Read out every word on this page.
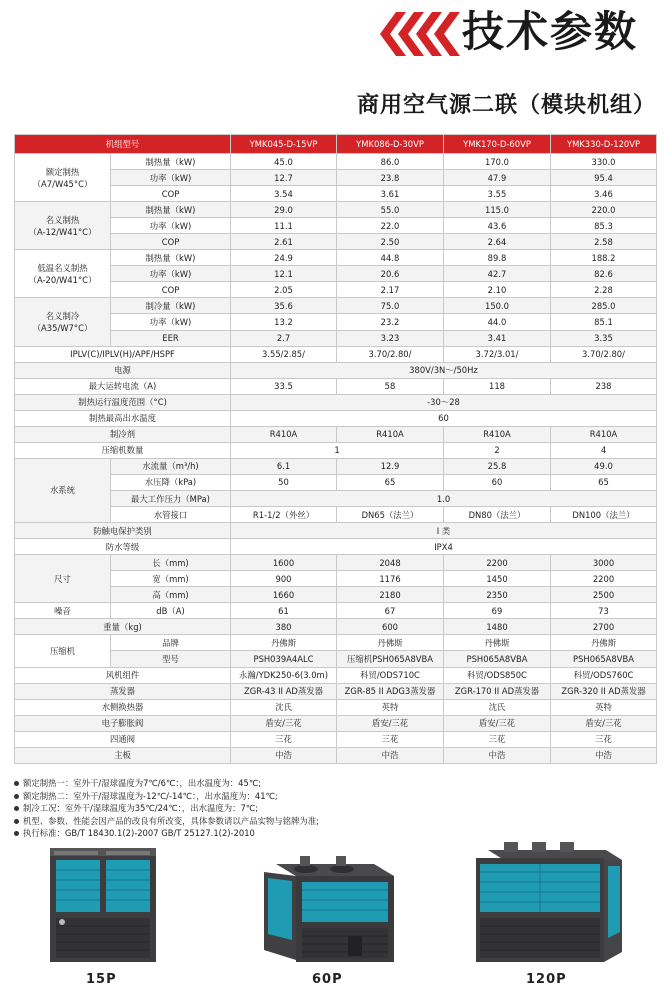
技术参数
商用空气源二联（模块机组）
机组型号		YMK045-D-15VP	YMK086-D-30VP	YMK170-D-60VP	YMK330-D-120VP
额定制热
（A7/W45°C）	制热量（kW)	45.0	86.0	170.0	330.0
	功率（kW)	12.7	23.8	47.9	95.4
	COP	3.54	3.61	3.55	3.46
名义制热
（A-12/W41°C）	制热量（kW)	29.0	55.0	115.0	220.0
	功率（kW)	11.1	22.0	43.6	85.3
	COP	2.61	2.50	2.64	2.58
低温名义制热
（A-20/W41°C）	制热量（kW)	24.9	44.8	89.8	188.2
	功率（kW)	12.1	20.6	42.7	82.6
	COP	2.05	2.17	2.10	2.28
名义制冷
（A35/W7°C）	制冷量（kW)	35.6	75.0	150.0	285.0
	功率（kW)	13.2	23.2	44.0	85.1
	EER	2.7	3.23	3.41	3.35
IPLV(C)/IPLV(H)/APF/HSPF		3.55/2.85/	3.70/2.80/	3.72/3.01/	3.70/2.80/
电源		380V/3N～/50Hz			
最大运转电流（A)		33.5	58	118	238
制热运行温度范围（°C)		-30～28			
制热最高出水温度		60			
制冷剂		R410A	R410A	R410A	R410A
压缩机数量		1		2	4
水系统	水流量（m³/h)	6.1	12.9	25.8	49.0
	水压降（kPa)	50	65	60	65
	最大工作压力（MPa)	1.0			
	水管接口	R1-1/2（外丝）	DN65（法兰）	DN80（法兰）	DN100（法兰）
防触电保护类别		I 类			
防水等级		IPX4			
尺寸	长（mm)	1600	2048	2200	3000
	宽（mm)	900	1176	1450	2200
	高（mm)	1660	2180	2350	2500
噪音	dB（A)	61	67	69	73
重量（kg)		380	600	1480	2700
压缩机	品牌	丹佛斯	丹佛斯	丹佛斯	丹佛斯
	型号	PSH039A4ALC	压缩机PSH065A8VBA	PSH065A8VBA	PSH065A8VBA
风机组件		永瀚/YDK250-6(3.0m)	科贸/ODS710C	科贸/ODS850C	科贸/ODS760C
蒸发器		ZGR-43 II AD蒸发器	ZGR-85 II ADG3蒸发器	ZGR-170 II AD蒸发器	ZGR-320 II AD蒸发器
水侧换热器		沈氏	英特	沈氏	英特
电子膨胀阀		盾安/三花	盾安/三花	盾安/三花	盾安/三花
四通阀		三花	三花	三花	三花
主板		中浩	中浩	中浩	中浩
额定制热一：室外干/湿球温度为7℃/6℃：，出水温度为：45℃;
额定制热二：室外干/湿球温度为-12℃/-14℃：，出水温度为：41℃;
制冷工况：室外干/湿球温度为35℃/24℃：，出水温度为：7℃;
机型、参数、性能会因产品的改良有所改变，具体参数请以产品实物与铭牌为准;
执行标准：GB/T 18430.1(2)-2007 GB/T 25127.1(2)-2010
15P	60P	120P
